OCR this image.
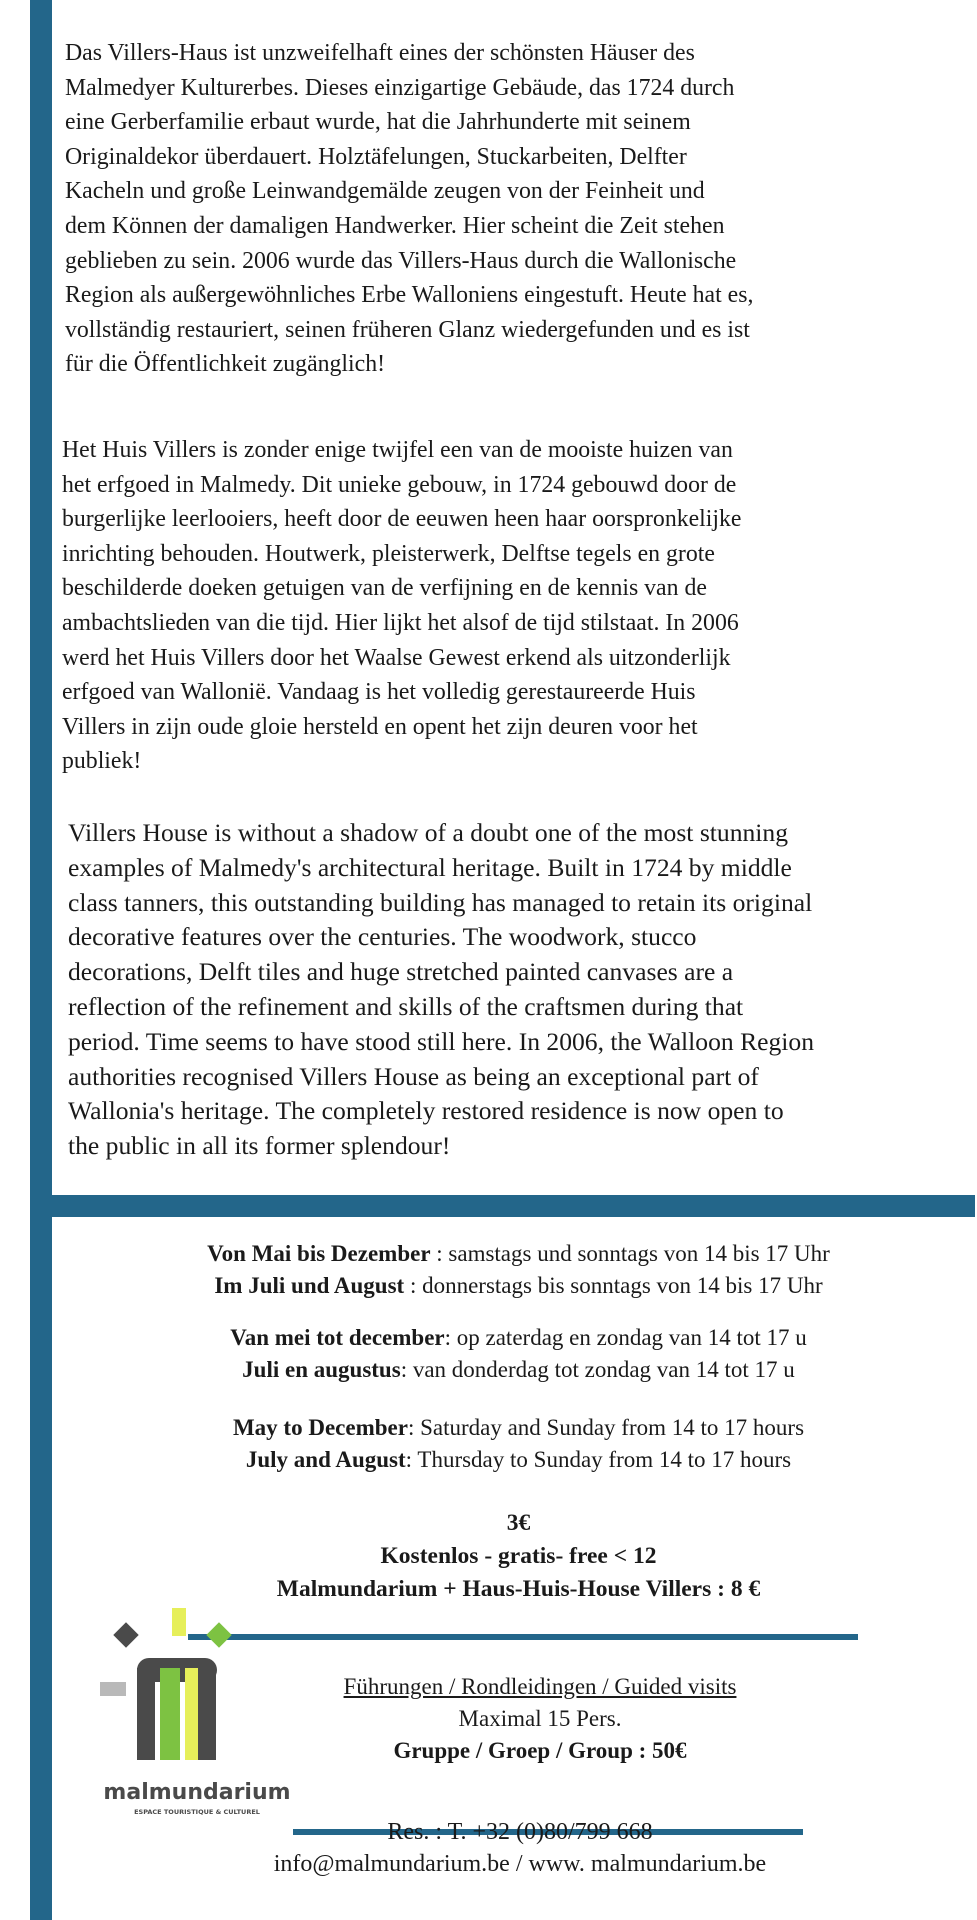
Das Villers-Haus ist unzweifelhaft eines der schönsten Häuser des
Malmedyer Kulturerbes. Dieses einzigartige Gebäude, das 1724 durch
eine Gerberfamilie erbaut wurde, hat die Jahrhunderte mit seinem
Originaldekor überdauert. Holztäfelungen, Stuckarbeiten, Delfter
Kacheln und große Leinwandgemälde zeugen von der Feinheit und
dem Können der damaligen Handwerker. Hier scheint die Zeit stehen
geblieben zu sein. 2006 wurde das Villers-Haus durch die Wallonische
Region als außergewöhnliches Erbe Walloniens eingestuft. Heute hat es,
vollständig restauriert, seinen früheren Glanz wiedergefunden und es ist
für die Öffentlichkeit zugänglich!

Het Huis Villers is zonder enige twijfel een van de mooiste huizen van
het erfgoed in Malmedy. Dit unieke gebouw, in 1724 gebouwd door de
burgerlijke leerlooiers, heeft door de eeuwen heen haar oorspronkelijke
inrichting behouden. Houtwerk, pleisterwerk, Delftse tegels en grote
beschilderde doeken getuigen van de verfijning en de kennis van de
ambachtslieden van die tijd. Hier lijkt het alsof de tijd stilstaat. In 2006
werd het Huis Villers door het Waalse Gewest erkend als uitzonderlijk
erfgoed van Wallonië. Vandaag is het volledig gerestaureerde Huis
Villers in zijn oude gloie hersteld en opent het zijn deuren voor het
publiek!

Villers House is without a shadow of a doubt one of the most stunning
examples of Malmedy's architectural heritage. Built in 1724 by middle
class tanners, this outstanding building has managed to retain its original
decorative features over the centuries. The woodwork, stucco
decorations, Delft tiles and huge stretched painted canvases are a
reflection of the refinement and skills of the craftsmen during that
period. Time seems to have stood still here. In 2006, the Walloon Region
authorities recognised Villers House as being an exceptional part of
Wallonia's heritage. The completely restored residence is now open to
the public in all its former splendour!

Von Mai bis Dezember : samstags und sonntags von 14 bis 17 Uhr
Im Juli und August : donnerstags bis sonntags von 14 bis 17 Uhr
Van mei tot december: op zaterdag en zondag van 14 tot 17 u
Juli en augustus: van donderdag tot zondag van 14 tot 17 u
May to December: Saturday and Sunday from 14 to 17 hours
July and August: Thursday to Sunday from 14 to 17 hours
3€
Kostenlos - gratis- free < 12
Malmundarium + Haus-Huis-House Villers : 8 €
malmundarium
ESPACE TOURISTIQUE & CULTUREL
Führungen / Rondleidingen / Guided visits
Maximal 15 Pers.
Gruppe / Groep / Group : 50€
Res. : T. +32 (0)80/799 668
info@malmundarium.be / www. malmundarium.be
